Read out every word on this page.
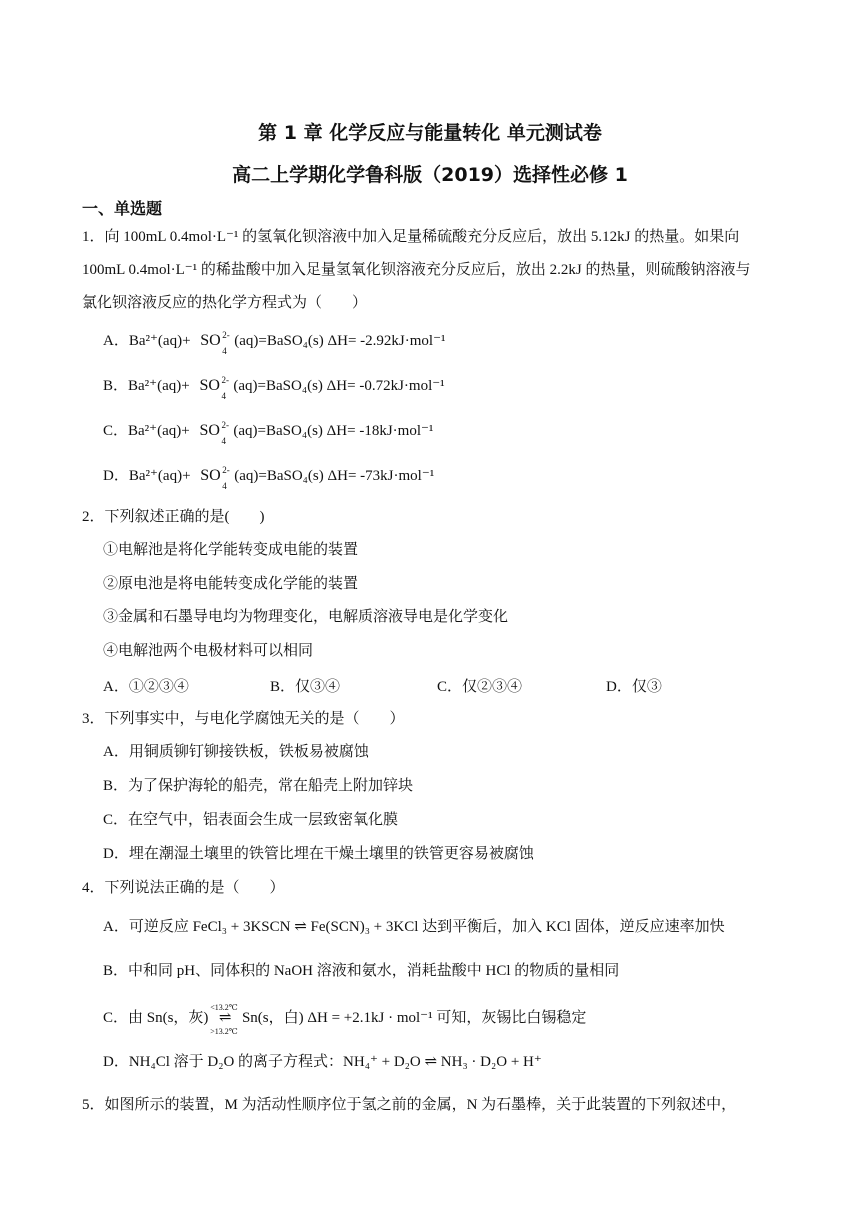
第 1 章 化学反应与能量转化 单元测试卷
高二上学期化学鲁科版（2019）选择性必修 1
一、单选题
1．向 100mL 0.4mol·L⁻¹ 的氢氧化钡溶液中加入足量稀硫酸充分反应后，放出 5.12kJ 的热量。如果向
100mL 0.4mol·L⁻¹ 的稀盐酸中加入足量氢氧化钡溶液充分反应后，放出 2.2kJ 的热量，则硫酸钠溶液与
氯化钡溶液反应的热化学方程式为（　　）
A．Ba²⁺(aq)+ SO 2-
4
(aq)=BaSO₄(s) ΔH= -2.92kJ·mol⁻¹
B．Ba²⁺(aq)+ SO 2-
4
(aq)=BaSO₄(s) ΔH= -0.72kJ·mol⁻¹
C．Ba²⁺(aq)+ SO 2-
4
(aq)=BaSO₄(s) ΔH= -18kJ·mol⁻¹
D．Ba²⁺(aq)+ SO 2-
4
(aq)=BaSO₄(s) ΔH= -73kJ·mol⁻¹
2．下列叙述正确的是(　　)
①电解池是将化学能转变成电能的装置
②原电池是将电能转变成化学能的装置
③金属和石墨导电均为物理变化，电解质溶液导电是化学变化
④电解池两个电极材料可以相同
A．①②③④	B．仅③④	C．仅②③④	D．仅③
3．下列事实中，与电化学腐蚀无关的是（　　）
A．用铜质铆钉铆接铁板，铁板易被腐蚀
B．为了保护海轮的船壳，常在船壳上附加锌块
C．在空气中，铝表面会生成一层致密氧化膜
D．埋在潮湿土壤里的铁管比埋在干燥土壤里的铁管更容易被腐蚀
4．下列说法正确的是（　　）
A．可逆反应 FeCl₃ + 3KSCN ⇌ Fe(SCN)₃ + 3KCl 达到平衡后，加入 KCl 固体，逆反应速率加快
B．中和同 pH、同体积的 NaOH 溶液和氨水，消耗盐酸中 HCl 的物质的量相同
C．由 Sn(s，灰)
<13.2℃
⇌
>13.2℃
Sn(s，白) ΔH = +2.1kJ · mol⁻¹ 可知，灰锡比白锡稳定
D．NH₄Cl 溶于 D₂O 的离子方程式：NH₄⁺ + D₂O ⇌ NH₃ · D₂O + H⁺
5．如图所示的装置，M 为活动性顺序位于氢之前的金属，N 为石墨棒，关于此装置的下列叙述中，
